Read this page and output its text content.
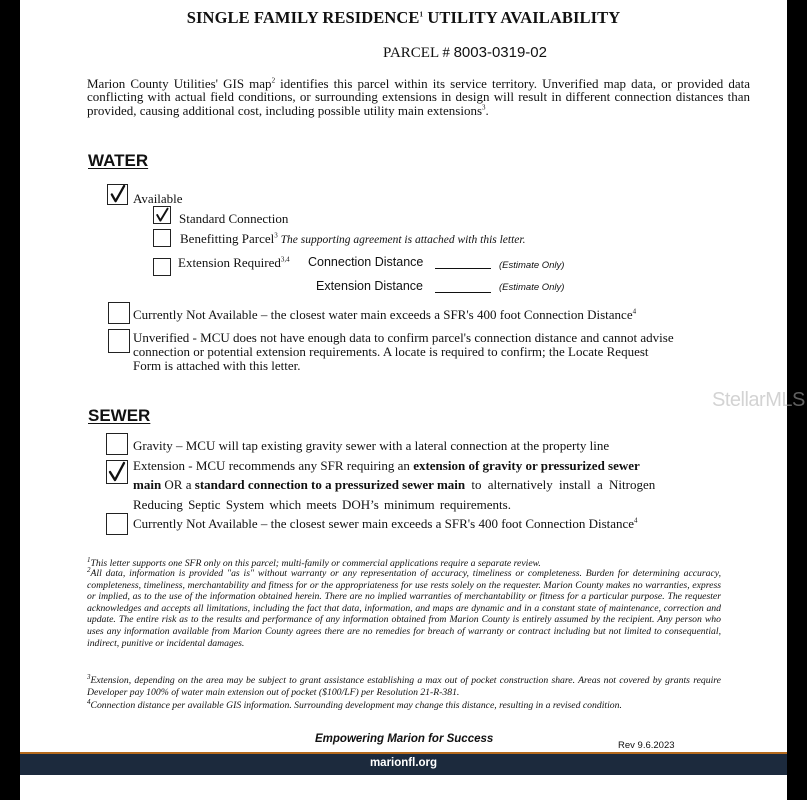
SINGLE FAMILY RESIDENCE$^1$ UTILITY AVAILABILITY
PARCEL # 8003-0319-02
Marion County Utilities' GIS map$^2$ identifies this parcel within its service territory. Unverified map data, or provided data conflicting with actual field conditions, or surrounding extensions in design will result in different connection distances than provided, causing additional cost, including possible utility main extensions$^3$.
WATER
Available
Standard Connection
Benefitting Parcel$^3$ The supporting agreement is attached with this letter.
Extension Required$^{3,4}$ Connection Distance	(Estimate Only)
Extension Distance	(Estimate Only)
Currently Not Available – the closest water main exceeds a SFR's 400 foot Connection Distance$^4$
Unverified - MCU does not have enough data to confirm parcel's connection distance and cannot advise
connection or potential extension requirements. A locate is required to confirm; the Locate Request
Form is attached with this letter.
SEWER
Gravity – MCU will tap existing gravity sewer with a lateral connection at the property line
Extension - MCU recommends any SFR requiring an extension of gravity or pressurized sewer
main OR a standard connection to a pressurized sewer main to alternatively install a Nitrogen
Reducing Septic System which meets DOH’s minimum requirements.
Currently Not Available – the closest sewer main exceeds a SFR's 400 foot Connection Distance$^4$
$^1$This letter supports one SFR only on this parcel; multi-family or commercial applications require a separate review.
$^2$All data, information is provided "as is" without warranty or any representation of accuracy, timeliness or completeness. Burden for determining accuracy, completeness, timeliness, merchantability and fitness for or the appropriateness for use rests solely on the requester. Marion County makes no warranties, express or implied, as to the use of the information obtained herein. There are no implied warranties of merchantability or fitness for a particular purpose. The requester acknowledges and accepts all limitations, including the fact that data, information, and maps are dynamic and in a constant state of maintenance, correction and update. The entire risk as to the results and performance of any information obtained from Marion County is entirely assumed by the recipient. Any person who uses any information available from Marion County agrees there are no remedies for breach of warranty or contract including but not limited to consequential, indirect, punitive or incidental damages.
$^3$Extension, depending on the area may be subject to grant assistance establishing a max out of pocket construction share. Areas not covered by grants require Developer pay 100% of water main extension out of pocket ($100/LF) per Resolution 21-R-381.
$^4$Connection distance per available GIS information. Surrounding development may change this distance, resulting in a revised condition.
Empowering Marion for Success
Rev 9.6.2023
marionfl.org
StellarMLS
